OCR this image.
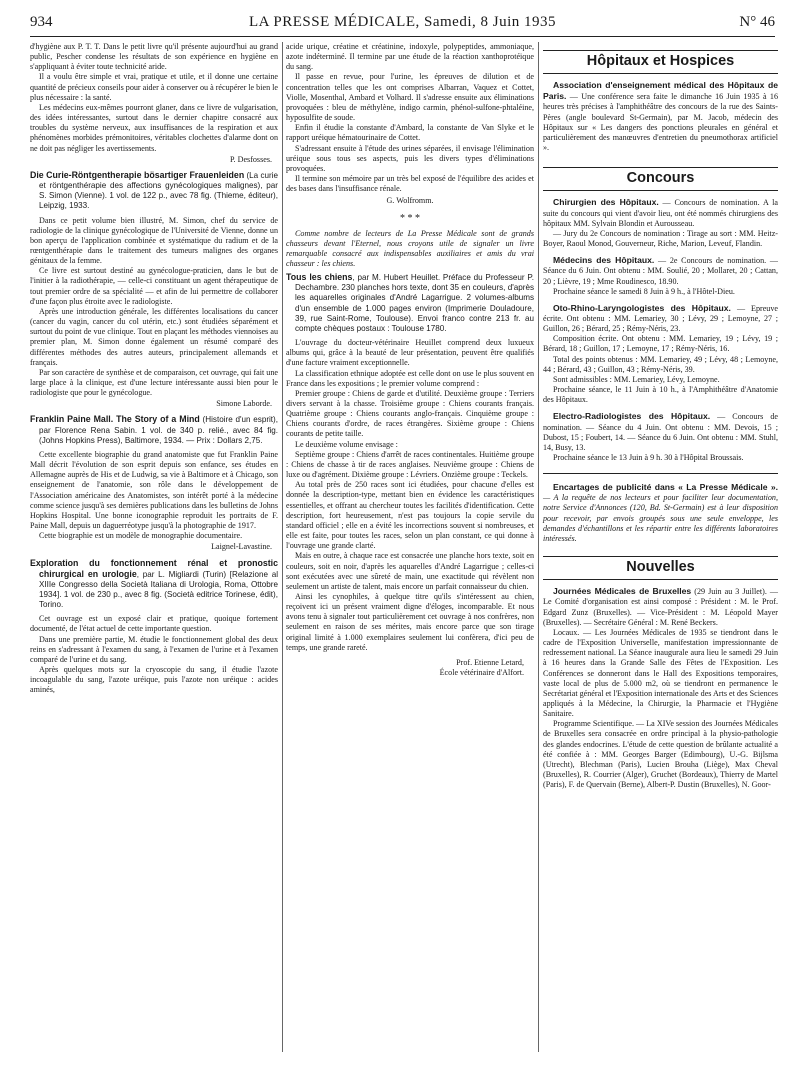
934	LA PRESSE MÉDICALE, Samedi, 8 Juin 1935	N° 46

d'hygiène aux P. T. T. Dans le petit livre qu'il présente aujourd'hui au grand public, Pescher condense les résultats de son expérience en hygiène en s'appliquant à éviter toute technicité aride.

Il a voulu être simple et vrai, pratique et utile, et il donne une certaine quantité de précieux conseils pour aider à conserver ou à récupérer le bien le plus nécessaire : la santé.

Les médecins eux-mêmes pourront glaner, dans ce livre de vulgarisation, des idées intéressantes, surtout dans le dernier chapitre consacré aux troubles du système nerveux, aux insuffisances de la respiration et aux phénomènes morbides prémonitoires, véritables clochettes d'alarme dont on ne doit pas négliger les avertissements.

P. Desfosses.

Die Curie-Röntgentherapie bösartiger Frauenleiden (La curie et röntgenthérapie des affections gynécologiques malignes), par S. Simon (Vienne). 1 vol. de 122 p., avec 78 fig. (Thieme, éditeur), Leipzig, 1933.

Dans ce petit volume bien illustré, M. Simon, chef du service de radiologie de la clinique gynécologique de l'Université de Vienne, donne un bon aperçu de l'application combinée et systématique du radium et de la rœntgenthérapie dans le traitement des tumeurs malignes des organes génitaux de la femme.

Ce livre est surtout destiné au gynécologue-praticien, dans le but de l'initier à la radiothérapie, — celle-ci constituant un agent thérapeutique de tout premier ordre de sa spécialité — et afin de lui permettre de collaborer d'une façon plus étroite avec le radiologiste.

Après une introduction générale, les différentes localisations du cancer (cancer du vagin, cancer du col utérin, etc.) sont étudiées séparément et surtout du point de vue clinique. Tout en plaçant les méthodes viennoises au premier plan, M. Simon donne également un résumé comparé des différentes méthodes des autres auteurs, principalement allemands et français.

Par son caractère de synthèse et de comparaison, cet ouvrage, qui fait une large place à la clinique, est d'une lecture intéressante aussi bien pour le radiologiste que pour le gynécologue.

Simone Laborde.

Franklin Paine Mall. The Story of a Mind (Histoire d'un esprit), par Florence Rena Sabin. 1 vol. de 340 p. relié., avec 84 fig. (Johns Hopkins Press), Baltimore, 1934. — Prix : Dollars 2,75.

Cette excellente biographie du grand anatomiste que fut Franklin Paine Mall décrit l'évolution de son esprit depuis son enfance, ses études en Allemagne auprès de His et de Ludwig, sa vie à Baltimore et à Chicago, son enseignement de l'anatomie, son rôle dans le développement de l'Association américaine des Anatomistes, son intérêt porté à la médecine comme science jusqu'à ses dernières publications dans les bulletins de Johns Hopkins Hospital. Une bonne iconographie reproduit les portraits de F. Paine Mall, depuis un daguerréotype jusqu'à la photographie de 1917.

Cette biographie est un modèle de monographie documentaire.

Laignel-Lavastine.

Exploration du fonctionnement rénal et pronostic chirurgical en urologie, par L. Migliardi (Turin) [Relazione al XIIIe Congresso della Società Italiana di Urologia, Roma, Ottobre 1934]. 1 vol. de 230 p., avec 8 fig. (Società editrice Torinese, édit), Torino.

Cet ouvrage est un exposé clair et pratique, quoique fortement documenté, de l'état actuel de cette importante question.

Dans une première partie, M. étudie le fonctionnement global des deux reins en s'adressant à l'examen du sang, à l'examen de l'urine et à l'examen comparé de l'urine et du sang.

Après quelques mots sur la cryoscopie du sang, il étudie l'azote incoagulable du sang, l'azote uréique, puis l'azote non uréique : acides aminés,

acide urique, créatine et créatinine, indoxyle, polypeptides, ammoniaque, azote indéterminé. Il termine par une étude de la réaction xanthoprotéique du sang.

Il passe en revue, pour l'urine, les épreuves de dilution et de concentration telles que les ont comprises Albarran, Vaquez et Cottet, Violle, Mosenthal, Ambard et Volhard. Il s'adresse ensuite aux éliminations provoquées : bleu de méthylène, indigo carmin, phénol-sulfone-phtaléine, hyposulfite de soude.

Enfin il étudie la constante d'Ambard, la constante de Van Slyke et le rapport uréique hématourinaire de Cottet.

S'adressant ensuite à l'étude des urines séparées, il envisage l'élimination uréique sous tous ses aspects, puis les divers types d'éliminations provoquées.

Il termine son mémoire par un très bel exposé de l'équilibre des acides et des bases dans l'insuffisance rénale.

G. Wolfromm.
* * *

Comme nombre de lecteurs de La Presse Médicale sont de grands chasseurs devant l'Eternel, nous croyons utile de signaler un livre remarquable consacré aux indispensables auxiliaires et amis du vrai chasseur : les chiens.

Tous les chiens, par M. Hubert Heuillet. Préface du Professeur P. Dechambre. 230 planches hors texte, dont 35 en couleurs, d'après les aquarelles originales d'André Lagarrigue. 2 volumes-albums d'un ensemble de 1.000 pages environ (Imprimerie Douladoure, 39, rue Saint-Rome, Toulouse). Envoi franco contre 213 fr. au compte chèques postaux : Toulouse 1780.

L'ouvrage du docteur-vétérinaire Heuillet comprend deux luxueux albums qui, grâce à la beauté de leur présentation, peuvent être qualifiés d'une facture vraiment exceptionnelle.

La classification ethnique adoptée est celle dont on use le plus souvent en France dans les expositions ; le premier volume comprend :

Premier groupe : Chiens de garde et d'utilité. Deuxième groupe : Terriers divers servant à la chasse. Troisième groupe : Chiens courants français. Quatrième groupe : Chiens courants anglo-français. Cinquième groupe : Chiens courants d'ordre, de races étrangères. Sixième groupe : Chiens courants de petite taille.

Le deuxième volume envisage :

Septième groupe : Chiens d'arrêt de races continentales. Huitième groupe : Chiens de chasse à tir de races anglaises. Neuvième groupe : Chiens de luxe ou d'agrément. Dixième groupe : Lévriers. Onzième groupe : Teckels.

Au total près de 250 races sont ici étudiées, pour chacune d'elles est donnée la description-type, mettant bien en évidence les caractéristiques essentielles, et offrant au chercheur toutes les facilités d'identification. Cette description, fort heureusement, n'est pas toujours la copie servile du standard officiel ; elle en a évité les incorrections souvent si nombreuses, et elle est faite, pour toutes les races, selon un plan constant, ce qui donne à l'ouvrage une grande clarté.

Mais en outre, à chaque race est consacrée une planche hors texte, soit en couleurs, soit en noir, d'après les aquarelles d'André Lagarrigue ; celles-ci sont exécutées avec une sûreté de main, une exactitude qui révèlent non seulement un artiste de talent, mais encore un parfait connaisseur du chien.

Ainsi les cynophiles, à quelque titre qu'ils s'intéressent au chien, reçoivent ici un présent vraiment digne d'éloges, incomparable. Et nous avons tenu à signaler tout particulièrement cet ouvrage à nos confrères, non seulement en raison de ses mérites, mais encore parce que son tirage original limité à 1.000 exemplaires seulement lui confèrera, d'ici peu de temps, une grande rareté.

Prof. Etienne Letard,
École vétérinaire d'Alfort.
Hôpitaux et Hospices

Association d'enseignement médical des Hôpitaux de Paris. — Une conférence sera faite le dimanche 16 Juin 1935 à 16 heures très précises à l'amphithéâtre des concours de la rue des Saints-Pères (angle boulevard St-Germain), par M. Jacob, médecin des Hôpitaux sur « Les dangers des ponctions pleurales en général et particulièrement des manœuvres d'entretien du pneumothorax artificiel ».

Concours

Chirurgien des Hôpitaux. — Concours de nomination. A la suite du concours qui vient d'avoir lieu, ont été nommés chirurgiens des hôpitaux MM. Sylvain Blondin et Aurousseau.

— Jury du 2e Concours de nomination : Tirage au sort : MM. Heitz-Boyer, Raoul Monod, Gouverneur, Riche, Marion, Leveuf, Flandin.

Médecins des Hôpitaux. — 2e Concours de nomination. — Séance du 6 Juin. Ont obtenu : MM. Soulié, 20 ; Mollaret, 20 ; Cattan, 20 ; Lièvre, 19 ; Mme Roudinesco, 18.90.

Prochaine séance le samedi 8 Juin à 9 h., à l'Hôtel-Dieu.

Oto-Rhino-Laryngologistes des Hôpitaux. — Epreuve écrite. Ont obtenu : MM. Lemariey, 30 ; Lévy, 29 ; Lemoyne, 27 ; Guillon, 26 ; Bérard, 25 ; Rémy-Néris, 23.

Composition écrite. Ont obtenu : MM. Lemariey, 19 ; Lévy, 19 ; Bérard, 18 ; Guillon, 17 ; Lemoyne, 17 ; Rémy-Néris, 16.

Total des points obtenus : MM. Lemariey, 49 ; Lévy, 48 ; Lemoyne, 44 ; Bérard, 43 ; Guillon, 43 ; Rémy-Néris, 39.

Sont admissibles : MM. Lemariey, Lévy, Lemoyne.

Prochaine séance, le 11 Juin à 10 h., à l'Amphithéâtre d'Anatomie des Hôpitaux.

Electro-Radiologistes des Hôpitaux. — Concours de nomination. — Séance du 4 Juin. Ont obtenu : MM. Devois, 15 ; Dubost, 15 ; Foubert, 14. — Séance du 6 Juin. Ont obtenu : MM. Stuhl, 14, Busy, 13.

Prochaine séance le 13 Juin à 9 h. 30 à l'Hôpital Broussais.

Encartages de publicité dans « La Presse Médicale ». — A la requête de nos lecteurs et pour faciliter leur documentation, notre Service d'Annonces (120, Bd. St-Germain) est à leur disposition pour recevoir, par envois groupés sous une seule enveloppe, les demandes d'échantillons et les répartir entre les différents laboratoires intéressés.

Nouvelles

Journées Médicales de Bruxelles (29 Juin au 3 Juillet). — Le Comité d'organisation est ainsi composé : Président : M. le Prof. Edgard Zunz (Bruxelles). — Vice-Président : M. Léopold Mayer (Bruxelles). — Secrétaire Général : M. René Beckers.

Locaux. — Les Journées Médicales de 1935 se tiendront dans le cadre de l'Exposition Universelle, manifestation impressionnante de redressement national. La Séance inaugurale aura lieu le samedi 29 Juin à 16 heures dans la Grande Salle des Fêtes de l'Exposition. Les Conférences se donneront dans le Hall des Expositions temporaires, vaste local de plus de 5.000 m2, où se tiendront en permanence le Secrétariat général et l'Exposition internationale des Arts et des Sciences appliqués à la Médecine, la Chirurgie, la Pharmacie et l'Hygiène Sanitaire.

Programme Scientifique. — La XIVe session des Journées Médicales de Bruxelles sera consacrée en ordre principal à la physio-pathologie des glandes endocrines. L'étude de cette question de brûlante actualité a été confiée à : MM. Georges Barger (Edimbourg), U.-G. Bijlsma (Utrecht), Blechman (Paris), Lucien Brouha (Liège), Max Cheval (Bruxelles), R. Courrier (Alger), Gruchet (Bordeaux), Thierry de Martel (Paris), F. de Quervain (Berne), Albert-P. Dustin (Bruxelles), N. Goor-
